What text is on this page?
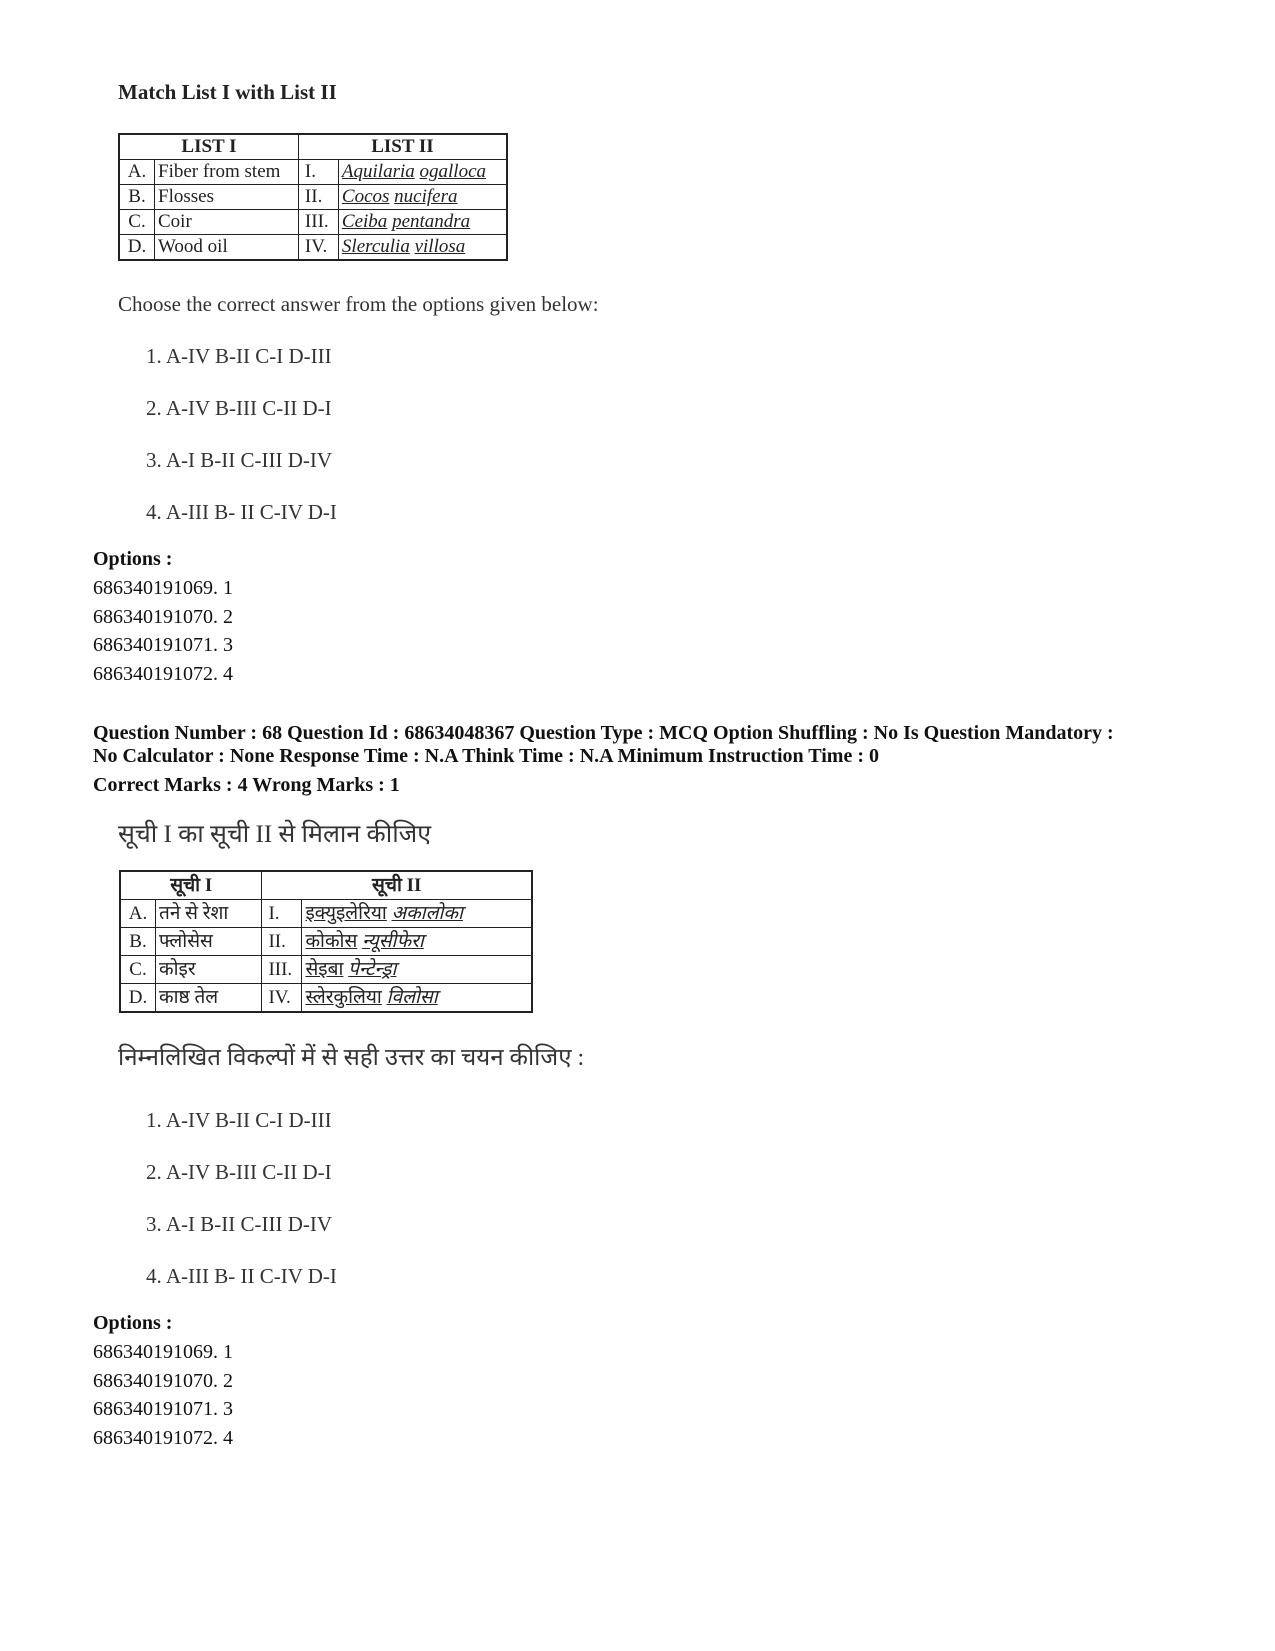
Match List I with List II
LIST I		LIST II	
A.	Fiber from stem	I.	Aquilaria ogalloca
B.	Flosses	II.	Cocos nucifera
C.	Coir	III.	Ceiba pentandra
D.	Wood oil	IV.	Slerculia villosa
Choose the correct answer from the options given below:
1. A-IV B-II C-I D-III
2. A-IV B-III C-II D-I
3. A-I B-II C-III D-IV
4. A-III B- II C-IV D-I
Options :
686340191069. 1
686340191070. 2
686340191071. 3
686340191072. 4
Question Number : 68 Question Id : 68634048367 Question Type : MCQ Option Shuffling : No Is Question Mandatory :
No Calculator : None Response Time : N.A Think Time : N.A Minimum Instruction Time : 0
Correct Marks : 4 Wrong Marks : 1
सूची I का सूची II से मिलान कीजिए
सूची I		सूची II	
A.	तने से रेशा	I.	इक्युइलेरिया अकालोका
B.	फ्लोसेस	II.	कोकोस न्यूसीफेरा
C.	कोइर	III.	सेइबा पेन्टेन्ड्रा
D.	काष्ठ तेल	IV.	स्लेरकुलिया विलोसा
निम्नलिखित विकल्पों में से सही उत्तर का चयन कीजिए :
1. A-IV B-II C-I D-III
2. A-IV B-III C-II D-I
3. A-I B-II C-III D-IV
4. A-III B- II C-IV D-I
Options :
686340191069. 1
686340191070. 2
686340191071. 3
686340191072. 4
